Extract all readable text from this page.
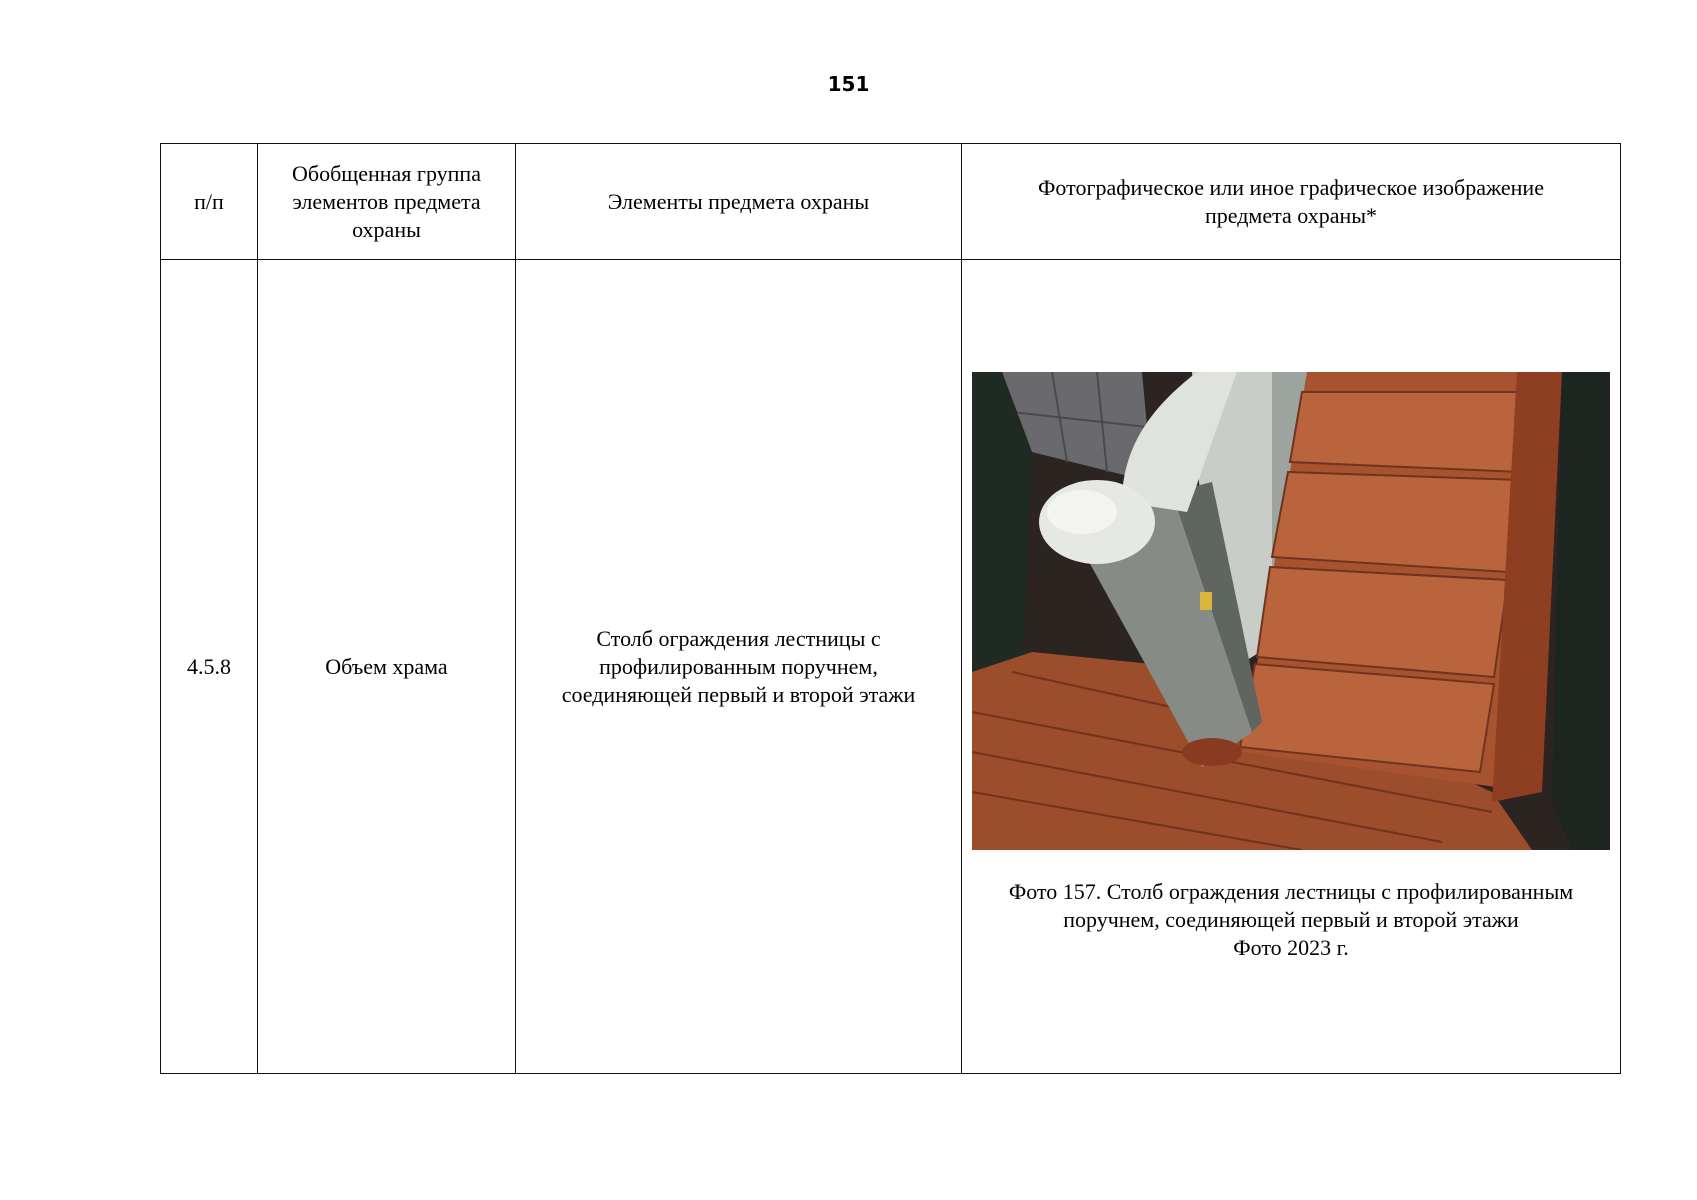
151
п/п	Обобщенная группа элементов предмета охраны	Элементы предмета охраны	Фотографическое или иное графическое изображение предмета охраны*
4.5.8	Объем храма	Столб ограждения лестницы с профилированным поручнем, соединяющей первый и второй этажи	Фото 157. Столб ограждения лестницы с профилированным поручнем, соединяющей первый и второй этажи
Фото 2023 г.
